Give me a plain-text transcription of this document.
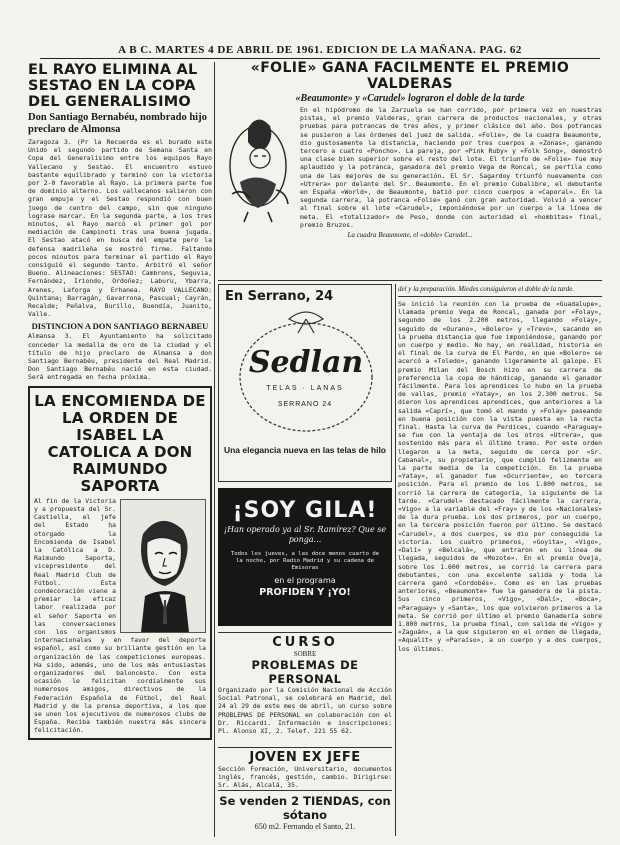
A B C. MARTES 4 DE ABRIL DE 1961. EDICION DE LA MAÑANA. PAG. 62
EL RAYO ELIMINA AL SESTAO EN LA COPA DEL GENERALISIMO
Don Santiago Bernabéu, nombrado hijo preclaro de Almonsa

Zaragoza 3. (Pr la Recuerda es el burado este Unido el segundo partido de Semana Santa en Copa del Generalísimo entre los equipos Rayo Vallecano y Sestao. El encuentro estuvo bastante equilibrado y terminó con la victoria por 2-0 favorable al Rayo. La primera parte fue de dominio alterno. Los vallecanos salieron con gran empuje y el Sestao respondió con buen juego de centro del campo, sin que ninguno lograse marcar. En la segunda parte, a los tres minutos, el Rayo marcó el primer gol por mediación de Campinoti tras una buena jugada. El Sestao atacó en busca del empate pero la defensa madrileña se mostró firme. Faltando pocos minutos para terminar el partido el Rayo consiguió el segundo tanto. Arbitró el señor Bueno. Alineaciones: SESTAO: Cambrons, Seguvia, Fernández, Iriondo, Ordoñez; Laburu, Ybarra, Arenes, Laforga y Erhanea. RAYO VALLECANO: Quintana; Barragán, Gavarrona, Pascual; Cayrán, Recalde; Peñalva, Burillo, Buendía, Juanito, Valle.

DISTINCION A DON SANTIAGO BERNABEU

Almansa 3. El Ayuntamiento ha solicitado conceder la medalla de oro de la ciudad y el título de hijo preclaro de Almansa a don Santiago Bernabéu, presidente del Real Madrid. Don Santiago Bernabéu nació en esta ciudad. Será entregada en fecha próxima.

LA ENCOMIENDA DE LA ORDEN DE ISABEL LA CATOLICA A DON RAIMUNDO SAPORTA

Al fin de la Victoria y a propuesta del Sr. Castiella, el jefe del Estado ha otorgado la Encomienda de Isabel la Católica a D. Raimundo Saporta, vicepresidente del Real Madrid Club de Fútbol. Esta condecoración viene a premiar la eficaz labor realizada por el señor Saporta en las conversaciones con los organismos internacionales y en favor del deporte español, así como su brillante gestión en la organización de las competiciones europeas. Ha sido, además, uno de los más entusiastas organizadores del baloncesto. Con esta ocasión le felicitan cordialmente sus numerosos amigos, directivos de la Federación Española de Fútbol, del Real Madrid y de la prensa deportiva, a los que se unen los ejecutivos de numerosos clubs de España. Reciba también nuestra más sincera felicitación.

«FOLIE» GANA FACILMENTE EL PREMIO VALDERAS
«Beaumonte» y «Carudel» lograron el doble de la tarde

En el hipódromo de la Zarzuela se han corrido, por primera vez en nuestras pistas, el premio Valderas, gran carrera de productos nacionales, y otras pruebas para potrancas de tres años, y primer clásico del año. Dos potrancas se pusieron a las órdenes del juez de salida. «Folie», de la cuadra Beaumonte, dio gustosamente la distancia, haciendo por tres cuerpos a «Zonas», ganando tercero a cuatro «Poncho». La pareja, por «Pink Ruby» y «Folk Song», demostró una clase bien superior sobre el resto del lote. El triunfo de «Folie» fue muy aplaudido y la potranca, ganadora del premio Vega de Roncal, se perfila como una de las mejores de su generación. El Sr. Sagardoy triunfó nuevamente con «Utrera» por delante del Sr. Beaumonte. En el premio Cubalibre, el debutante en España «World», de Beaumonte, batió por cinco cuerpos a «Caporal». En la segunda carrera, la potranca «Folie» ganó con gran autoridad. Volvió a vencer al final sobre el lote «Carudel», imponiéndose por un cuerpo a la línea de meta. El «totalizador» de Peso, donde con autoridad el «hombitas» final, premio Bruzos.

La cuadra Beaumonte, el «doble» Carudel...
En Serrano, 24
Sedlan
TELAS · LANAS
SERRANO 24
Una elegancia nueva en las telas de hilo
¡SOY GILA!
¡Han operado ya al Sr. Ramírez? Que se ponga...
Todos los jueves, a las doce menos cuarto de la noche, por Radio Madrid y su cadena de Emisoras
en el programa
PROFIDEN Y ¡YO!
CURSO
SOBRE
PROBLEMAS DE PERSONAL

Organizado por la Comisión Nacional de Acción Social Patronal, se celebrará en Madrid, del 24 al 29 de este mes de abril, un curso sobre PROBLEMAS DE PERSONAL en colaboración con el Dr. Riccardi. Información e inscripciones: Pl. Alonso XI, 2. Telef. 221 55 62.

JOVEN EX JEFE

Sección Formación, Universitario, documentos inglés, francés, gestión, cambio. Dirigirse: Sr. Alás, Alcalá, 35.

Se venden 2 TIENDAS, con sótano
650 m2. Fernando el Santo, 21.
del y la preparación. Miedes consiguieron el doble de la tarde.

Se inició la reunión con la prueba de «Guadalupe», llamada premio Vega de Roncal, ganada por «Folay», segundo de los 2.200 metros, llegando «Folay», seguido de «Ourano», «Bolero» y «Trevo», sacando en la prueba distancia que fue imponiéndose, ganando por un cuerpo y medio. No hay, en realidad, historia en el final de la curva de El Pardo, en que «Bolero» se acercó a «Toledo», ganando ligeramente al galope. El premio Milan del Bosch hizo en su carrera de preferencia la copa de hándicap, ganando el ganador fácilmente. Para los aprendices lo hubo en la prueba de vallas, premio «Yatay», en los 2.300 metros. Se dieron los aprendices aprendices, que anteriores a la salida «Caprí», que tomó el mando y «Folay» paseando en buena posición con la vista puesta en la recta final. Hasta la curva de Perdices, cuando «Paraguay» se fue con la ventaja de los otros «Utrera», que sostenido más para el último tramo. Por este orden llegaron a la meta, seguido de cerca por «Sr. Cabanal», su propietario, que cumplió felizmente en la parte media de la competición. En la prueba «Yatay», el ganador fue «Ocurriente», en tercera posición. Para el premio de los 1.800 metros, se corrió la carrera de categoría, la siguiente de la tarde. «Carudel» destacado fácilmente la carrera, «Vigo» a la variable del «Fray» y de los «Nacionales» de la dura prueba. Los dos primeros, por un cuerpo, en la tercera posición fueron por último. Se destacó «Carudel», a dos cuerpos, se dio por conseguida la victoria. Los cuatro primeros, «Goyita», «Vigo», «Dalí» y «Belcalá», que entraron en su línea de llegada, seguidos de «Mozote». En el premio Oveja, sobre los 1.600 metros, se corrió la carrera para debutantes, con una excelente salida y toda la carrera ganó «Cordobés». Como es en las pruebas anteriores, «Beaumonte» fue la ganadora de la pista. Sus cinco primeros, «Vigo», «Dalí», «Boca», «Paraguay» y «Santa», los que volvieron primeros a la meta. Se corrió por último el premio Ganadería sobre 1.800 metros, la prueba final, con salida de «Vigo» y «Zaguán», a la que siguieron en el orden de llegada, «Aqualit» y «Paraíso», a un cuerpo y a dos cuerpos, los últimos.
